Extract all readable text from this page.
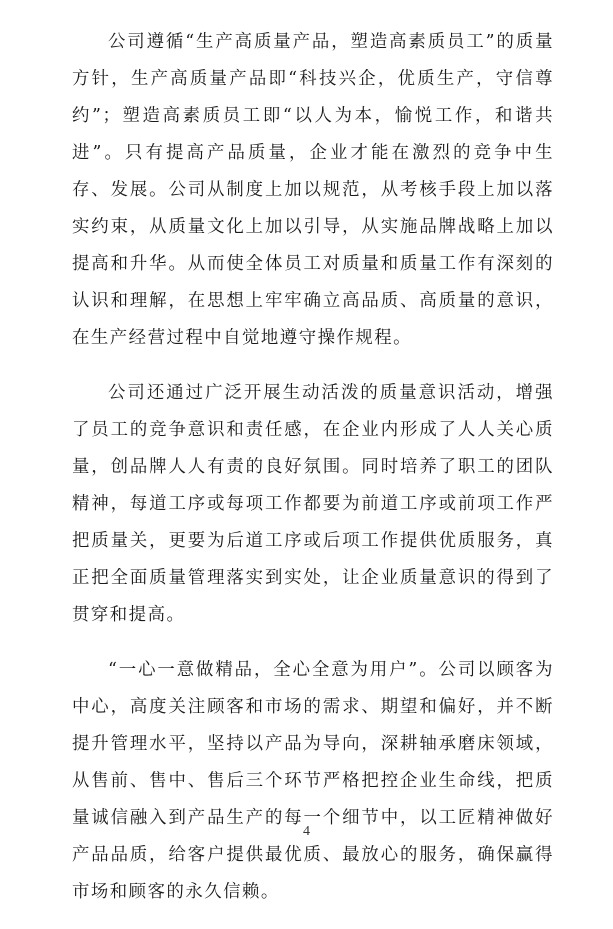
公司遵循“生产高质量产品，塑造高素质员工”的质量方针，生产高质量产品即“科技兴企，优质生产，守信尊约”；塑造高素质员工即“以人为本，愉悦工作，和谐共进”。只有提高产品质量，企业才能在激烈的竞争中生存、发展。公司从制度上加以规范，从考核手段上加以落实约束，从质量文化上加以引导，从实施品牌战略上加以提高和升华。从而使全体员工对质量和质量工作有深刻的认识和理解，在思想上牢牢确立高品质、高质量的意识，在生产经营过程中自觉地遵守操作规程。

公司还通过广泛开展生动活泼的质量意识活动，增强了员工的竞争意识和责任感，在企业内形成了人人关心质量，创品牌人人有责的良好氛围。同时培养了职工的团队精神，每道工序或每项工作都要为前道工序或前项工作严把质量关，更要为后道工序或后项工作提供优质服务，真正把全面质量管理落实到实处，让企业质量意识的得到了贯穿和提高。

“一心一意做精品，全心全意为用户”。公司以顾客为中心，高度关注顾客和市场的需求、期望和偏好，并不断提升管理水平，坚持以产品为导向，深耕轴承磨床领域，从售前、售中、售后三个环节严格把控企业生命线，把质量诚信融入到产品生产的每一个细节中，以工匠精神做好产品品质，给客户提供最优质、最放心的服务，确保赢得市场和顾客的永久信赖。

4
